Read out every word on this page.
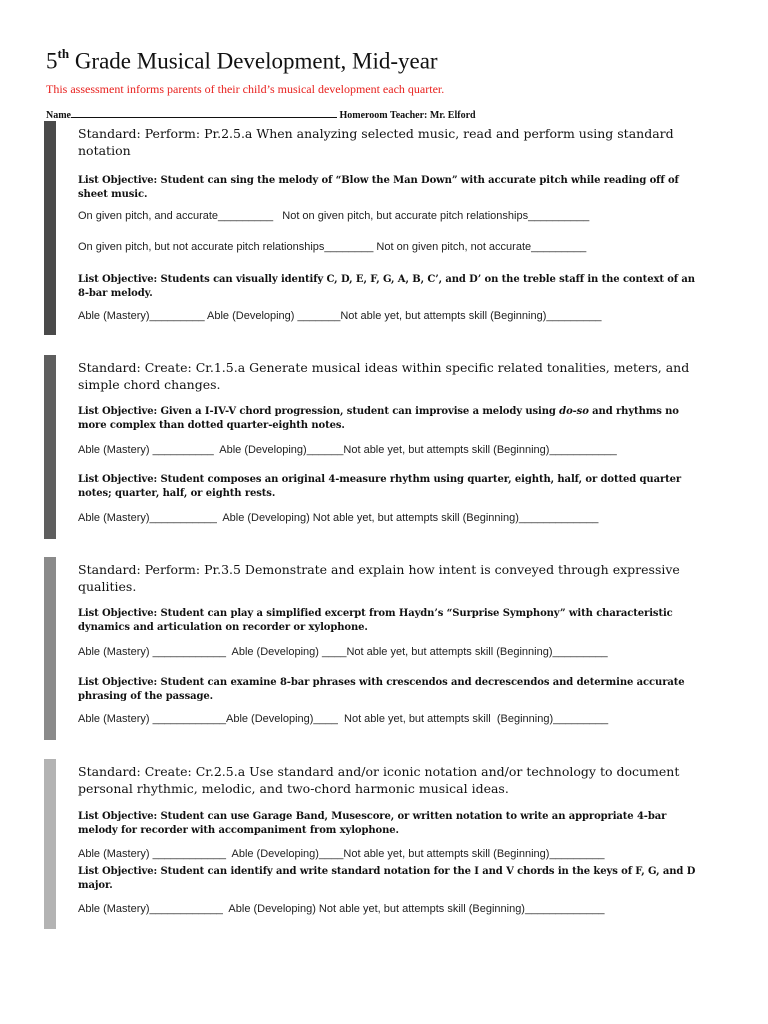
5th Grade Musical Development, Mid-year
This assessment informs parents of their child’s musical development each quarter.
Name	Homeroom Teacher: Mr. Elford
Standard: Perform: Pr.2.5.a When analyzing selected music, read and perform using standard notation
List Objective: Student can sing the melody of “Blow the Man Down” with accurate pitch while reading off of sheet music.
On given pitch, and accurate_________   Not on given pitch, but accurate pitch relationships__________
On given pitch, but not accurate pitch relationships________ Not on given pitch, not accurate_________
List Objective: Students can visually identify C, D, E, F, G, A, B, C’, and D’ on the treble staff in the context of an 8-bar melody.
Able (Mastery)_________ Able (Developing) _______Not able yet, but attempts skill (Beginning)_________
Standard: Create: Cr.1.5.a Generate musical ideas within specific related tonalities, meters, and simple chord changes.
List Objective: Given a I-IV-V chord progression, student can improvise a melody using do-so and rhythms no more complex than dotted quarter-eighth notes.
Able (Mastery) __________  Able (Developing)______Not able yet, but attempts skill (Beginning)___________
List Objective: Student composes an original 4-measure rhythm using quarter, eighth, half, or dotted quarter notes; quarter, half, or eighth rests.
Able (Mastery)___________  Able (Developing) Not able yet, but attempts skill (Beginning)_____________
Standard: Perform: Pr.3.5 Demonstrate and explain how intent is conveyed through expressive qualities.
List Objective: Student can play a simplified excerpt from Haydn’s “Surprise Symphony” with characteristic dynamics and articulation on recorder or xylophone.
Able (Mastery) ____________  Able (Developing) ____Not able yet, but attempts skill (Beginning)_________
List Objective: Student can examine 8-bar phrases with crescendos and decrescendos and determine accurate phrasing of the passage.
Able (Mastery) ____________Able (Developing)____  Not able yet, but attempts skill  (Beginning)_________
Standard: Create: Cr.2.5.a Use standard and/or iconic notation and/or technology to document personal rhythmic, melodic, and two-chord harmonic musical ideas.
List Objective: Student can use Garage Band, Musescore, or written notation to write an appropriate 4-bar melody for recorder with accompaniment from xylophone.
Able (Mastery) ____________  Able (Developing)____Not able yet, but attempts skill (Beginning)_________
List Objective: Student can identify and write standard notation for the I and V chords in the keys of F, G, and D major.
Able (Mastery)____________  Able (Developing) Not able yet, but attempts skill (Beginning)_____________
